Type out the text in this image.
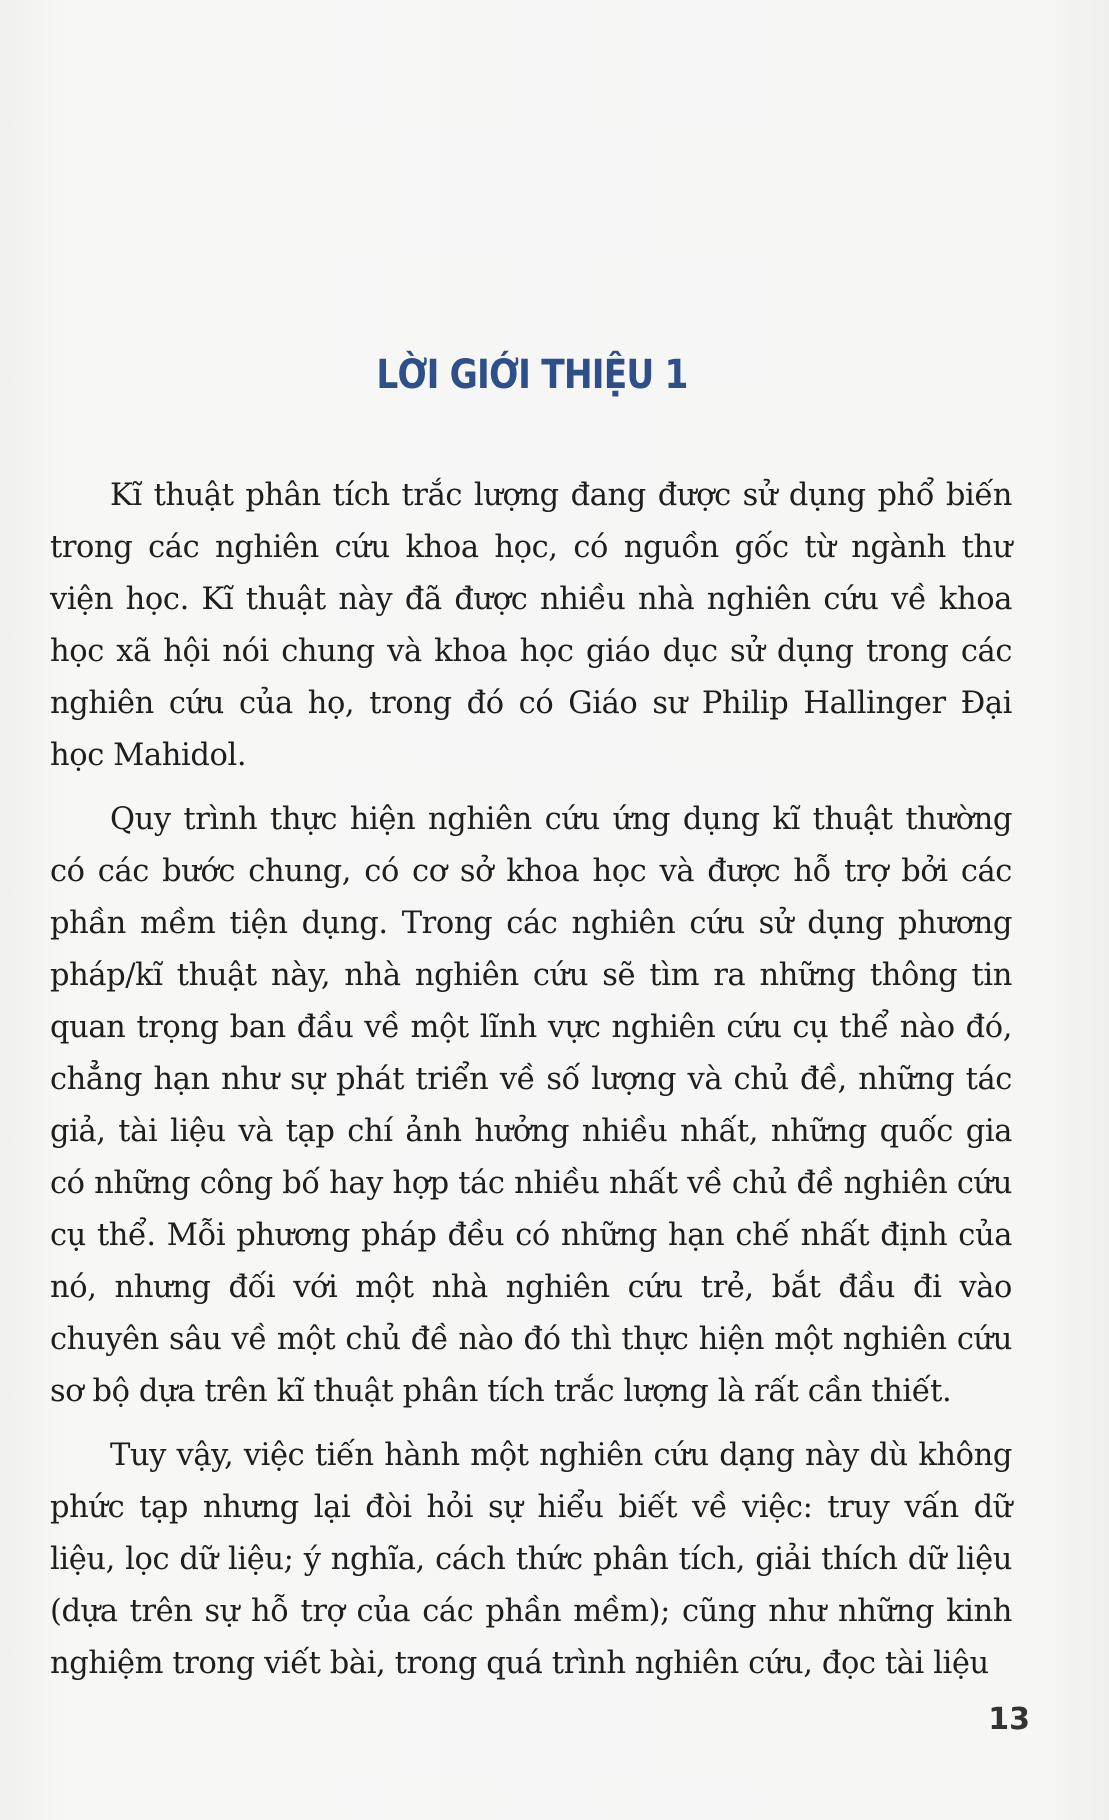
LỜI GIỚI THIỆU 1

Kĩ thuật phân tích trắc lượng đang được sử dụng phổ biến trong các nghiên cứu khoa học, có nguồn gốc từ ngành thư viện học. Kĩ thuật này đã được nhiều nhà nghiên cứu về khoa học xã hội nói chung và khoa học giáo dục sử dụng trong các nghiên cứu của họ, trong đó có Giáo sư Philip Hallinger Đại học Mahidol.

Quy trình thực hiện nghiên cứu ứng dụng kĩ thuật thường có các bước chung, có cơ sở khoa học và được hỗ trợ bởi các phần mềm tiện dụng. Trong các nghiên cứu sử dụng phương pháp/kĩ thuật này, nhà nghiên cứu sẽ tìm ra những thông tin quan trọng ban đầu về một lĩnh vực nghiên cứu cụ thể nào đó, chẳng hạn như sự phát triển về số lượng và chủ đề, những tác giả, tài liệu và tạp chí ảnh hưởng nhiều nhất, những quốc gia có những công bố hay hợp tác nhiều nhất về chủ đề nghiên cứu cụ thể. Mỗi phương pháp đều có những hạn chế nhất định của nó, nhưng đối với một nhà nghiên cứu trẻ, bắt đầu đi vào chuyên sâu về một chủ đề nào đó thì thực hiện một nghiên cứu sơ bộ dựa trên kĩ thuật phân tích trắc lượng là rất cần thiết.

Tuy vậy, việc tiến hành một nghiên cứu dạng này dù không phức tạp nhưng lại đòi hỏi sự hiểu biết về việc: truy vấn dữ liệu, lọc dữ liệu; ý nghĩa, cách thức phân tích, giải thích dữ liệu (dựa trên sự hỗ trợ của các phần mềm); cũng như những kinh nghiệm trong viết bài, trong quá trình nghiên cứu, đọc tài liệu

13
